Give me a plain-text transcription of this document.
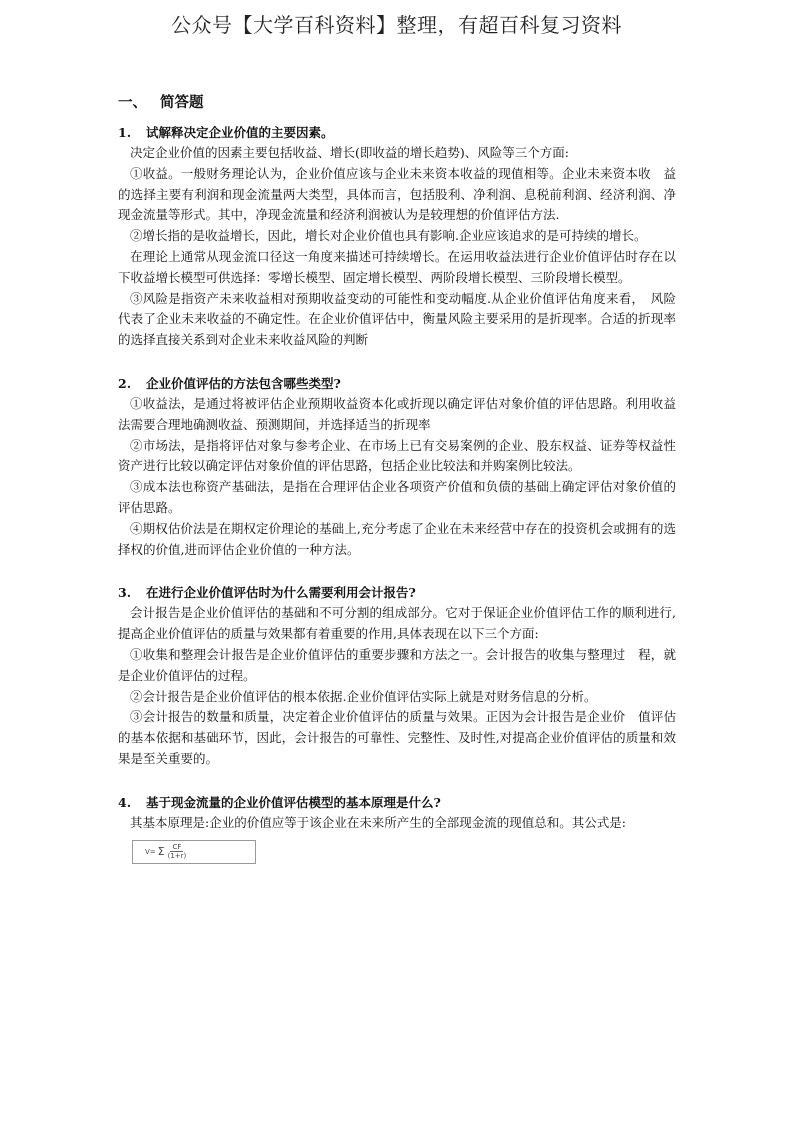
公众号【大学百科资料】整理，有超百科复习资料
一、 简答题
1. 试解释决定企业价值的主要因素。

决定企业价值的因素主要包括收益、增长(即收益的增长趋势)、风险等三个方面:

①收益。一般财务理论认为，企业价值应该与企业未来资本收益的现值相等。企业未来资本收　益的选择主要有利润和现金流量两大类型，具体而言，包括股利、净利润、息税前利润、经济利润、净现金流量等形式。其中，净现金流量和经济利润被认为是较理想的价值评估方法.

②增长指的是收益增长，因此，增长对企业价值也具有影响.企业应该追求的是可持续的增长。

在理论上通常从现金流口径这一角度来描述可持续增长。在运用收益法进行企业价值评估时存在以下收益增长模型可供选择：零增长模型、固定增长模型、两阶段增长模型、三阶段增长模型。

③风险是指资产未来收益相对预期收益变动的可能性和变动幅度.从企业价值评估角度来看，　风险代表了企业未来收益的不确定性。在企业价值评估中，衡量风险主要采用的是折现率。合适的折现率的选择直接关系到对企业未来收益风险的判断

2. 企业价值评估的方法包含哪些类型?

①收益法，是通过将被评估企业预期收益资本化或折现以确定评估对象价值的评估思路。利用收益法需要合理地确测收益、预测期间，并选择适当的折现率

②市场法，是指将评估对象与参考企业、在市场上已有交易案例的企业、股东权益、证券等权益性资产进行比较以确定评估对象价值的评估思路，包括企业比较法和并购案例比较法。

③成本法也称资产基础法，是指在合理评估企业各项资产价值和负债的基础上确定评估对象价值的评估思路。

④期权估价法是在期权定价理论的基础上,充分考虑了企业在未来经营中存在的投资机会或拥有的选择权的价值,进而评估企业价值的一种方法。

3. 在进行企业价值评估时为什么需要利用会计报告?

会计报告是企业价值评估的基础和不可分割的组成部分。它对于保证企业价值评估工作的顺利进行,提高企业价值评估的质量与效果都有着重要的作用,具体表现在以下三个方面:

①收集和整理会计报告是企业价值评估的重要步骤和方法之一。会计报告的收集与整理过　程，就是企业价值评估的过程。

②会计报告是企业价值评估的根本依据.企业价值评估实际上就是对财务信息的分析。

③会计报告的数量和质量，决定着企业价值评估的质量与效果。正因为会计报告是企业价　值评估的基本依据和基础环节，因此，会计报告的可靠性、完整性、及时性,对提高企业价值评估的质量和效果是至关重要的。

4. 基于现金流量的企业价值评估模型的基本原理是什么?

其基本原理是:企业的价值应等于该企业在未来所产生的全部现金流的现值总和。其公式是:

V= Σ $\frac{CF}{(1+r)}$
